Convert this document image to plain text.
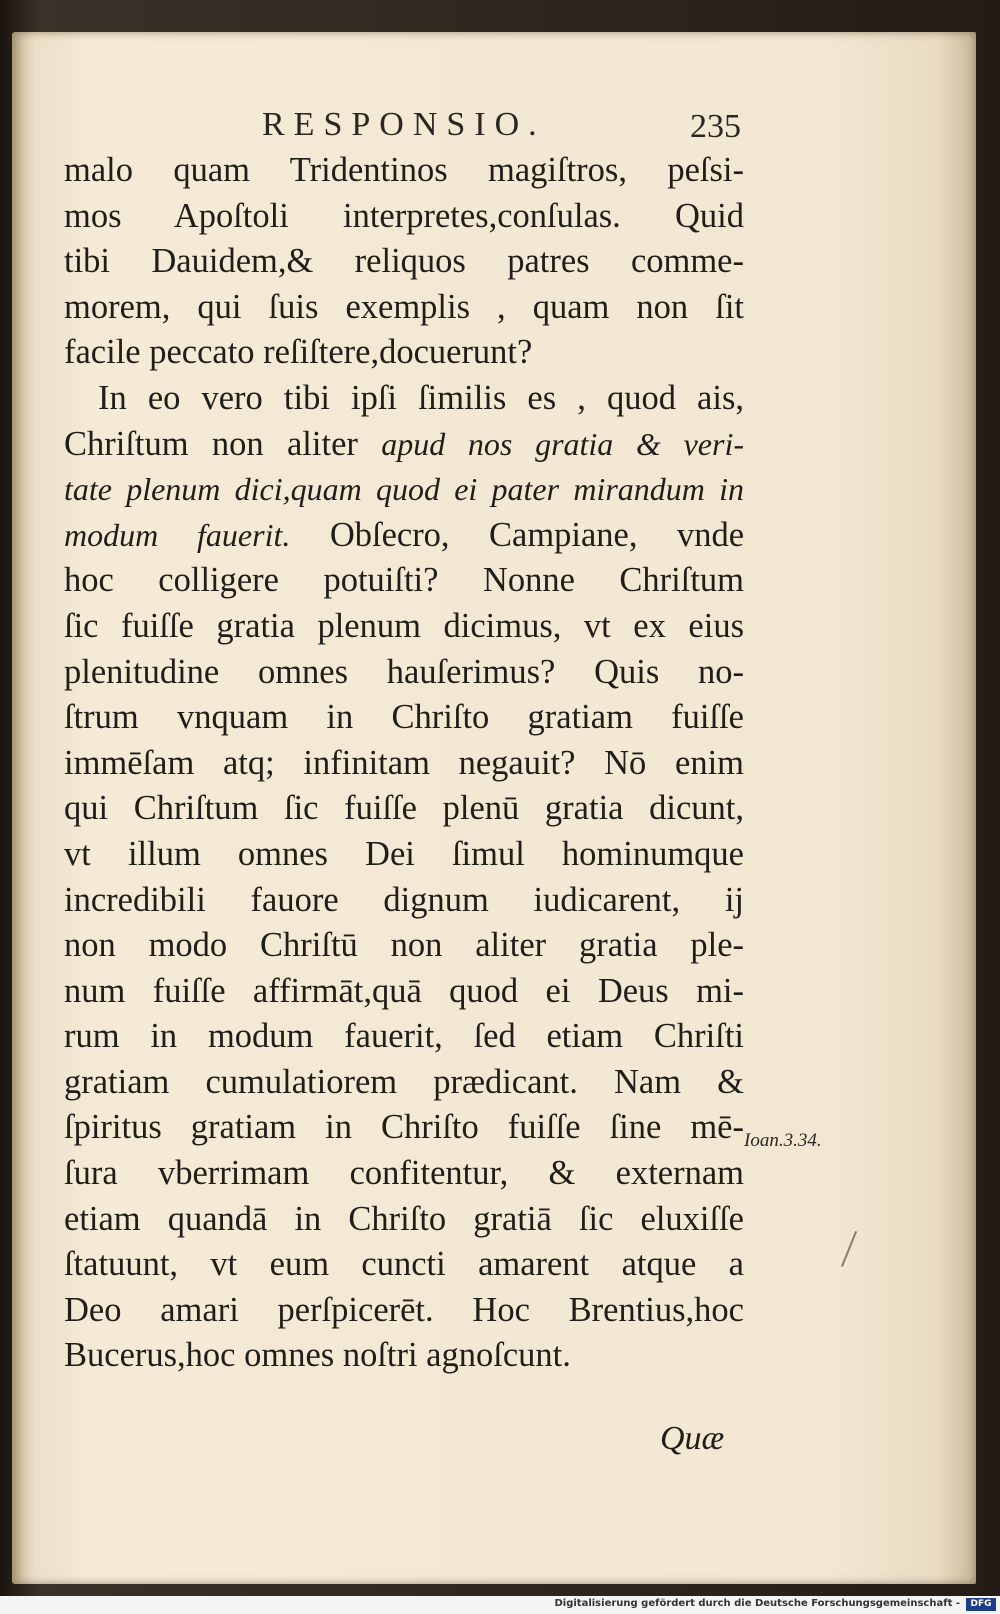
RESPONSIO.	235
malo quam Tridentinos magiſtros, peſsi-
mos Apoſtoli interpretes,conſulas. Quid
tibi Dauidem,& reliquos patres comme-
morem, qui ſuis exemplis , quam non ſit
facile peccato reſiſtere,docuerunt?
In eo vero tibi ipſi ſimilis es , quod ais,
Chriſtum non aliter apud nos gratia & veri-
tate plenum dici,quam quod ei pater mirandum in
modum fauerit. Obſecro, Campiane, vnde
hoc colligere potuiſti? Nonne Chriſtum
ſic fuiſſe gratia plenum dicimus, vt ex eius
plenitudine omnes hauſerimus? Quis no-
ſtrum vnquam in Chriſto gratiam fuiſſe
immēſam atq; infinitam negauit? Nō enim
qui Chriſtum ſic fuiſſe plenū gratia dicunt,
vt illum omnes Dei ſimul hominumque
incredibili fauore dignum iudicarent, ij
non modo Chriſtū non aliter gratia ple-
num fuiſſe affirmāt,quā quod ei Deus mi-
rum in modum fauerit, ſed etiam Chriſti
gratiam cumulatiorem prædicant. Nam &
ſpiritus gratiam in Chriſto fuiſſe ſine mē-
ſura vberrimam confitentur, & externam
etiam quandā in Chriſto gratiā ſic eluxiſſe
ſtatuunt, vt eum cuncti amarent atque a
Deo amari perſpicerēt. Hoc Brentius,hoc
Bucerus,hoc omnes noſtri agnoſcunt.
Ioan.3.34.
Quæ
Digitalisierung gefördert durch die Deutsche Forschungsgemeinschaft -	DFG
